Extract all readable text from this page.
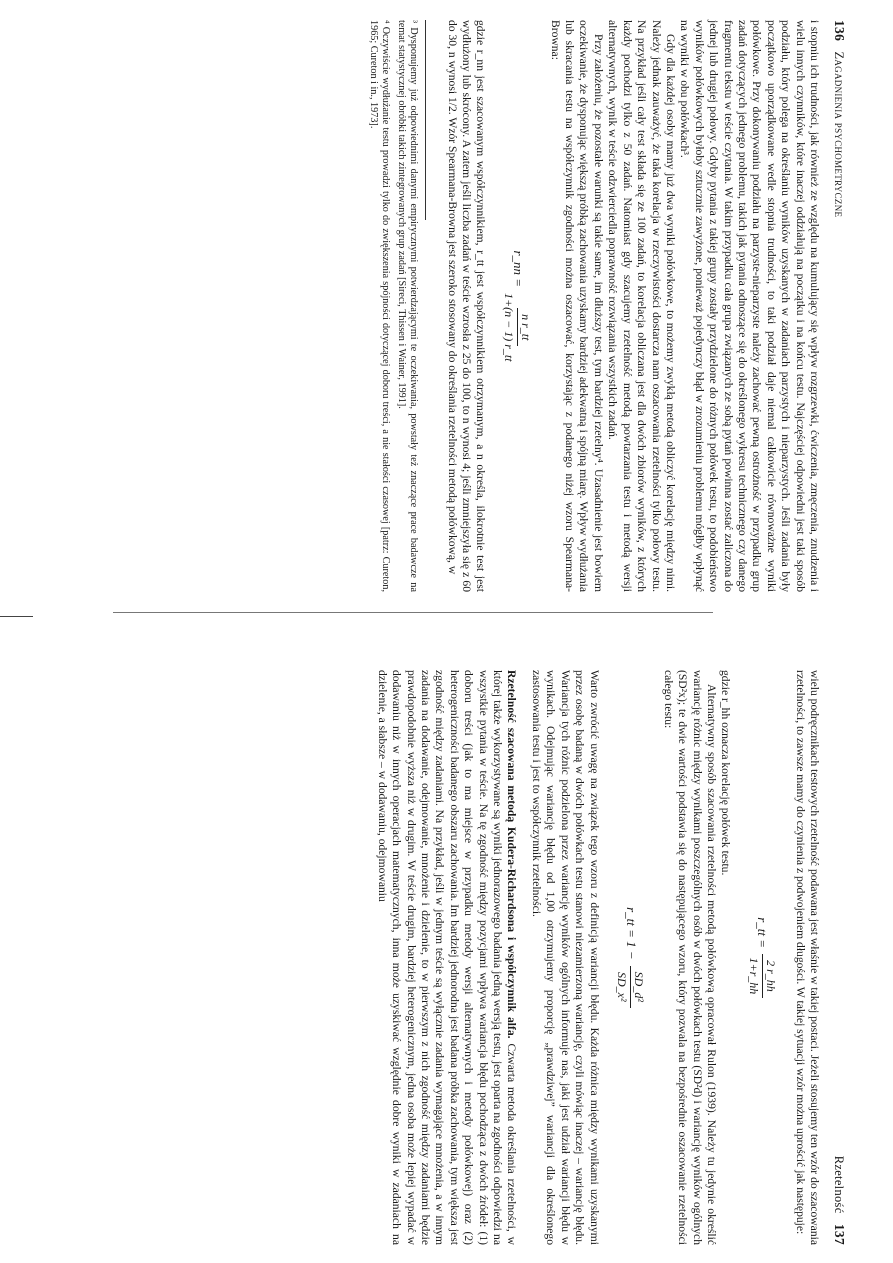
136   Zagadnienia psychometryczne

i stopniu ich trudności, jak również ze względu na kumulujący się wpływ rozgrzewki, ćwiczenia, zmęczenia, znudzenia i wielu innych czynników, które inaczej oddziałują na początku i na końcu testu. Najczęściej odpowiedni jest taki sposób podziału, który polega na określaniu wyników uzyskanych w zadaniach parzystych i nieparzystych. Jeśli zadania były początkowo uporządkowane wedle stopnia trudności, to taki podział daje niemal całkowicie równoważne wyniki połówkowe. Przy dokonywaniu podziału na parzyste-nieparzyste należy zachować pewną ostrożność w przypadku grup zadań dotyczących jednego problemu, takich jak pytania odnoszące się do określonego wykresu technicznego czy danego fragmentu tekstu w teście czytania. W takim przypadku cała grupa związanych ze sobą pytań powinna zostać zaliczona do jednej lub drugiej połowy. Gdyby pytania z takiej grupy zostały przydzielone do różnych połówek testu, to podobieństwo wyników połówkowych byłoby sztucznie zawyżone, ponieważ pojedynczy błąd w zrozumieniu problemu mógłby wpłynąć na wyniki w obu połówkach³.

Gdy dla każdej osoby mamy już dwa wyniki połówkowe, to możemy zwykłą metodą obliczyć korelację między nimi. Należy jednak zauważyć, że taka korelacja w rzeczywistości dostarcza nam oszacowania rzetelności tylko połowy testu. Na przykład jeśli cały test składa się ze 100 zadań, to korelacja obliczana jest dla dwóch zbiorów wyników, z których każdy pochodzi tylko z 50 zadań. Natomiast gdy szacujemy rzetelność metodą powtarzania testu i metodą wersji alternatywnych, wynik w teście odzwierciedla poprawność rozwiązania wszystkich zadań.

Przy założeniu, że pozostałe warunki są takie same, im dłuższy test, tym bardziej rzetelny⁴. Uzasadnienie jest bowiem oczekiwanie, że dysponując większą próbką zachowania uzyskamy bardziej adekwatną i spójną miarę. Wpływ wydłużania lub skracania testu na współczynnik zgodności można oszacować, korzystając z podanego niżej wzoru Spearmana-Browna:

r_nn =
n r_tt
1+(n − 1) r_tt

gdzie r_nn jest szacowanym współczynnikiem, r_tt jest współczynnikiem otrzymanym, a n określa, ilokrotnie test jest wydłużony lub skrócony. A zatem jeśli liczba zadań w teście wzrosła z 25 do 100, to n wynosi 4; jeśli zmniejszyła się z 60 do 30, n wynosi 1/2. Wzór Spearmana-Browna jest szeroko stosowany do określania rzetelności metodą połówkową, w

³ Dysponujemy już odpowiednimi danymi empirycznymi potwierdzającymi te oczekiwania, powstały też znaczące prace badawcze na temat statystycznej obróbki takich zintegrowanych grup zadań [Sireci, Thissen i Wainer, 1991].

⁴ Oczywiście wydłużanie testu prowadzi tylko do zwiększenia spójności dotyczącej doboru treści, a nie stałości czasowej [patrz: Cureton, 1965; Cureton i in., 1973].

Rzetelność   137

wielu podręcznikach testowych rzetelność podawana jest właśnie w takiej postaci. Jeżeli stosujemy ten wzór do szacowania rzetelności, to zawsze mamy do czynienia z podwojeniem długości. W takiej sytuacji wzór można uprościć jak następuje:

r_tt =
2 r_hh
1+r_hh

gdzie r_hh oznacza korelację połówek testu.

Alternatywny sposób szacowania rzetelności metodą połówkową opracował Rulon (1939). Należy tu jedynie określić wariancję różnic między wynikami poszczególnych osób w dwóch połówkach testu (SD²d) i wariancję wyników ogólnych (SD²x); te dwie wartości podstawia się do następującego wzoru, który pozwala na bezpośrednie oszacowanie rzetelności całego testu:

r_tt = 1 −
SD_d²
SD_x²

Warto zwrócić uwagę na związek tego wzoru z definicją wariancji błędu. Każda różnica między wynikami uzyskanymi przez osobę badaną w dwóch połówkach testu stanowi niezamierzoną wariancję, czyli mówiąc inaczej – wariancję błędu. Wariancja tych różnic podzielona przez wariancję wyników ogólnych informuje nas, jaki jest udział wariancji błędu w wynikach. Odejmując wariancję błędu od 1,00 otrzymujemy proporcję „prawdziwej” wariancji dla określonego zastosowania testu i jest to współczynnik rzetelności.

Rzetelność szacowana metodą Kudera-Richardsona i współczynnik alfa. Czwarta metoda określania rzetelności, w której także wykorzystywane są wyniki jednorazowego badania jedną wersją testu, jest oparta na zgodności odpowiedzi na wszystkie pytania w teście. Na tę zgodność między pozycjami wpływa wariancja błędu pochodząca z dwóch źródeł: (1) doboru treści (jak to ma miejsce w przypadku metody wersji alternatywnych i metody połówkowej) oraz (2) heterogeniczności badanego obszaru zachowania. Im bardziej jednorodna jest badana próbka zachowania, tym większa jest zgodność między zadaniami. Na przykład, jeśli w jednym teście są wyłącznie zadania wymagające mnożenia, a w innym zadania na dodawanie, odejmowanie, mnożenie i dzielenie, to w pierwszym z nich zgodność między zadaniami będzie prawdopodobnie wyższa niż w drugim. W teście drugim, bardziej heterogenicznym, jedna osoba może lepiej wypadać w dodawaniu niż w innych operacjach matematycznych, inna może uzyskiwać względnie dobre wyniki w zadaniach na dzielenie, a słabsze – w dodawaniu, odejmowaniu
